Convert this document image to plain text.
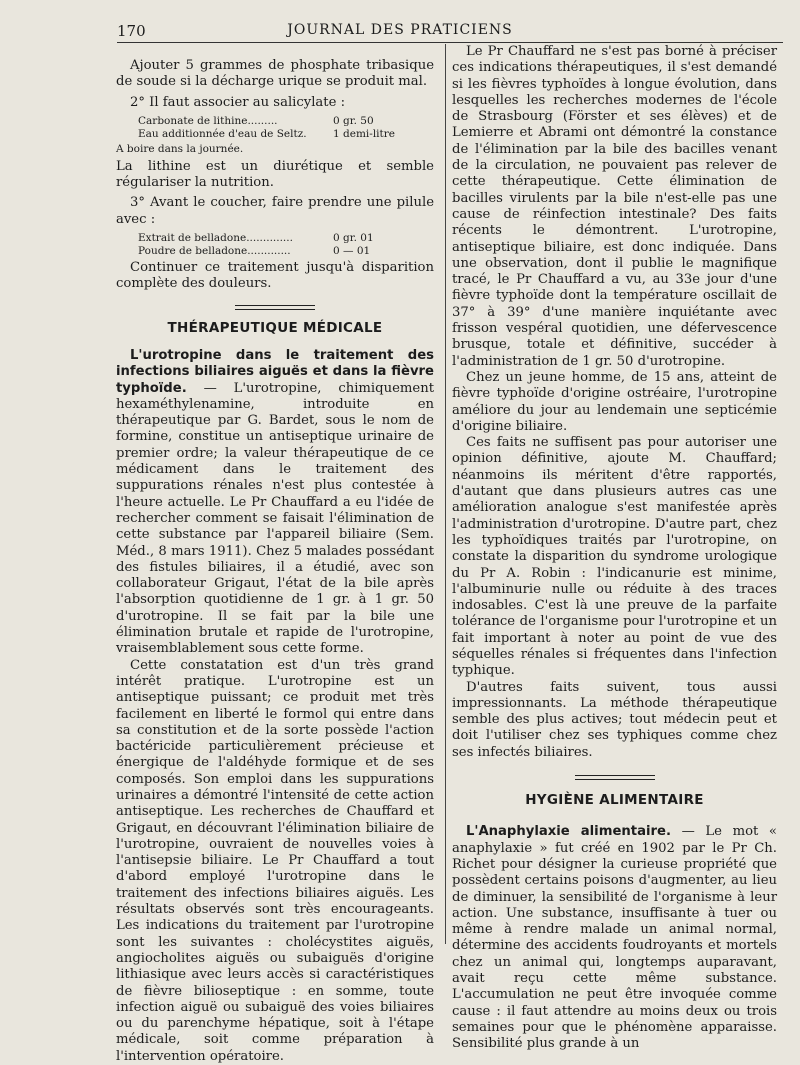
170	JOURNAL DES PRATICIENS

Ajouter 5 grammes de phosphate tribasique de soude si la décharge urique se produit mal.

2° Il faut associer au salicylate :

Carbonate de lithine.........	0 gr. 50
Eau additionnée d'eau de Seltz.	1 demi-litre

A boire dans la journée.

La lithine est un diurétique et semble régulariser la nutrition.

3° Avant le coucher, faire prendre une pilule avec :

Extrait de belladone..............	0 gr. 01
Poudre de belladone.............	0 — 01

Continuer ce traitement jusqu'à disparition complète des douleurs.

THÉRAPEUTIQUE MÉDICALE

L'urotropine dans le traitement des infections biliaires aiguës et dans la fièvre typhoïde. — L'urotropine, chimiquement hexaméthylenamine, introduite en thérapeutique par G. Bardet, sous le nom de formine, constitue un antiseptique urinaire de premier ordre; la valeur thérapeutique de ce médicament dans le traitement des suppurations rénales n'est plus contestée à l'heure actuelle. Le Pr Chauffard a eu l'idée de rechercher comment se faisait l'élimination de cette substance par l'appareil biliaire (Sem. Méd., 8 mars 1911). Chez 5 malades possédant des fistules biliaires, il a étudié, avec son collaborateur Grigaut, l'état de la bile après l'absorption quotidienne de 1 gr. à 1 gr. 50 d'urotropine. Il se fait par la bile une élimination brutale et rapide de l'urotropine, vraisemblablement sous cette forme.

Cette constatation est d'un très grand intérêt pratique. L'urotropine est un antiseptique puissant; ce produit met très facilement en liberté le formol qui entre dans sa constitution et de la sorte possède l'action bactéricide particulièrement précieuse et énergique de l'aldéhyde formique et de ses composés. Son emploi dans les suppurations urinaires a démontré l'intensité de cette action antiseptique. Les recherches de Chauffard et Grigaut, en découvrant l'élimination biliaire de l'urotropine, ouvraient de nouvelles voies à l'antisepsie biliaire. Le Pr Chauffard a tout d'abord employé l'urotropine dans le traitement des infections biliaires aiguës. Les résultats observés sont très encourageants. Les indications du traitement par l'urotropine sont les suivantes : cholécystites aiguës, angiocholites aiguës ou subaiguës d'origine lithiasique avec leurs accès si caractéristiques de fièvre bilioseptique : en somme, toute infection aiguë ou subaiguë des voies biliaires ou du parenchyme hépatique, soit à l'étape médicale, soit comme préparation à l'intervention opératoire.

Le Pr Chauffard ne s'est pas borné à préciser ces indications thérapeutiques, il s'est demandé si les fièvres typhoïdes à longue évolution, dans lesquelles les recherches modernes de l'école de Strasbourg (Förster et ses élèves) et de Lemierre et Abrami ont démontré la constance de l'élimination par la bile des bacilles venant de la circulation, ne pouvaient pas relever de cette thérapeutique. Cette élimination de bacilles virulents par la bile n'est-elle pas une cause de réinfection intestinale? Des faits récents le démontrent. L'urotropine, antiseptique biliaire, est donc indiquée. Dans une observation, dont il publie le magnifique tracé, le Pr Chauffard a vu, au 33e jour d'une fièvre typhoïde dont la température oscillait de 37° à 39° d'une manière inquiétante avec frisson vespéral quotidien, une défervescence brusque, totale et définitive, succéder à l'administration de 1 gr. 50 d'urotropine.

Chez un jeune homme, de 15 ans, atteint de fièvre typhoïde d'origine ostréaire, l'urotropine améliore du jour au lendemain une septicémie d'origine biliaire.

Ces faits ne suffisent pas pour autoriser une opinion définitive, ajoute M. Chauffard; néanmoins ils méritent d'être rapportés, d'autant que dans plusieurs autres cas une amélioration analogue s'est manifestée après l'administration d'urotropine. D'autre part, chez les typhoïdiques traités par l'urotropine, on constate la disparition du syndrome urologique du Pr A. Robin : l'indicanurie est minime, l'albuminurie nulle ou réduite à des traces indosables. C'est là une preuve de la parfaite tolérance de l'organisme pour l'urotropine et un fait important à noter au point de vue des séquelles rénales si fréquentes dans l'infection typhique.

D'autres faits suivent, tous aussi impressionnants. La méthode thérapeutique semble des plus actives; tout médecin peut et doit l'utiliser chez ses typhiques comme chez ses infectés biliaires.

HYGIÈNE ALIMENTAIRE

L'Anaphylaxie alimentaire. — Le mot « anaphylaxie » fut créé en 1902 par le Pr Ch. Richet pour désigner la curieuse propriété que possèdent certains poisons d'augmenter, au lieu de diminuer, la sensibilité de l'organisme à leur action. Une substance, insuffisante à tuer ou même à rendre malade un animal normal, détermine des accidents foudroyants et mortels chez un animal qui, longtemps auparavant, avait reçu cette même substance. L'accumulation ne peut être invoquée comme cause : il faut attendre au moins deux ou trois semaines pour que le phénomène apparaisse. Sensibilité plus grande à un
